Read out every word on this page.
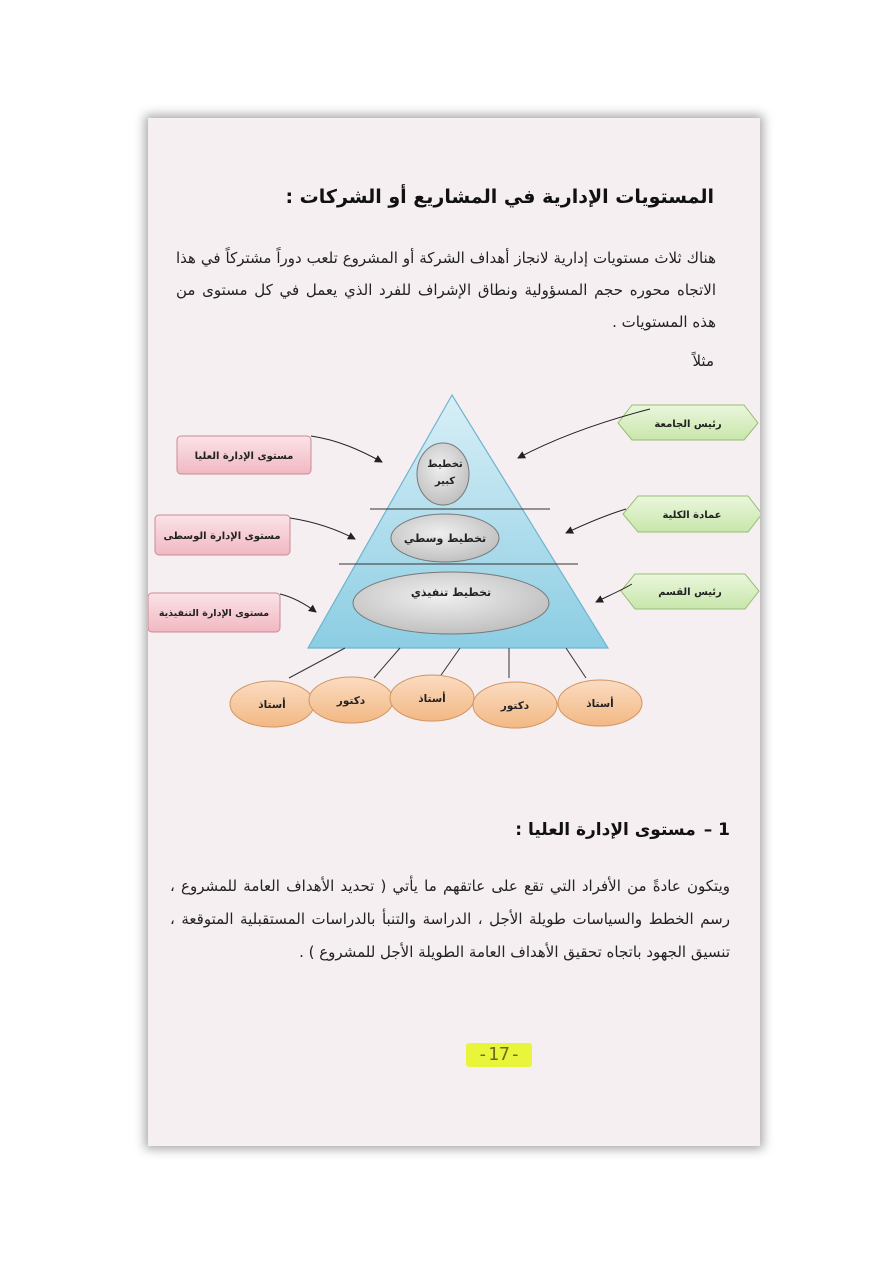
المستويات الإدارية في المشاريع أو الشركات :

هناك ثلاث مستويات إدارية لانجاز أهداف الشركة أو المشروع تلعب دوراً مشتركاً في هذا الاتجاه محوره حجم المسؤولية ونطاق الإشراف للفرد الذي يعمل في كل مستوى من هذه المستويات .

مثلاً

تخطيط
كبير
تخطيط وسطي
تخطيط تنفيذي
مستوى الإدارة العليا
مستوى الإدارة الوسطى
مستوى الإدارة التنفيذية
رئيس الجامعة
عمادة الكلية
رئيس القسم
أستاذ	دكتور	أستاذ
دكتور	أستاذ
1 –مستوى الإدارة العليا :

ويتكون عادةً من الأفراد التي تقع على عاتقهم ما يأتي ( تحديد الأهداف العامة للمشروع ، رسم الخطط والسياسات طويلة الأجل ، الدراسة والتنبأ بالدراسات المستقبلية المتوقعة ، تنسيق الجهود باتجاه تحقيق الأهداف العامة الطويلة الأجل للمشروع ) .

-17-
